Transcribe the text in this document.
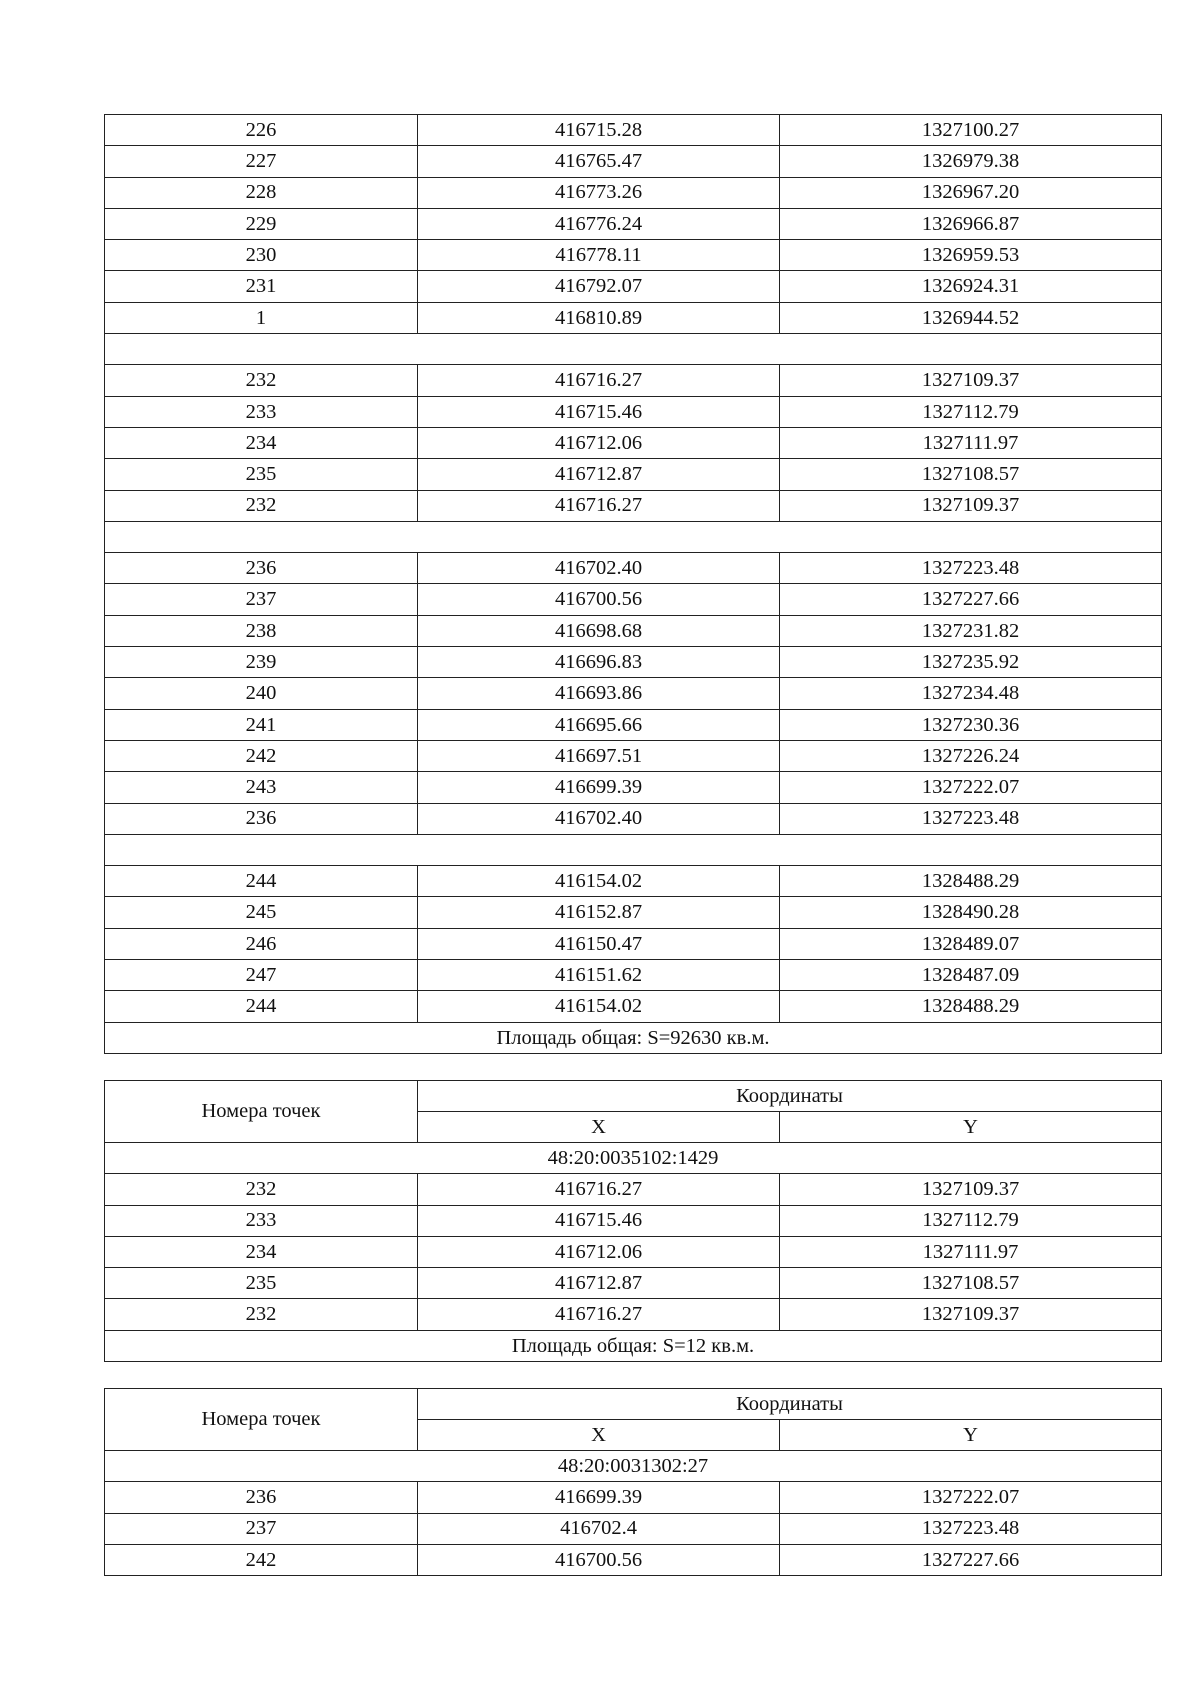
226	416715.28	1327100.27
227	416765.47	1326979.38
228	416773.26	1326967.20
229	416776.24	1326966.87
230	416778.11	1326959.53
231	416792.07	1326924.31
1	416810.89	1326944.52

232	416716.27	1327109.37
233	416715.46	1327112.79
234	416712.06	1327111.97
235	416712.87	1327108.57
232	416716.27	1327109.37

236	416702.40	1327223.48
237	416700.56	1327227.66
238	416698.68	1327231.82
239	416696.83	1327235.92
240	416693.86	1327234.48
241	416695.66	1327230.36
242	416697.51	1327226.24
243	416699.39	1327222.07
236	416702.40	1327223.48

244	416154.02	1328488.29
245	416152.87	1328490.28
246	416150.47	1328489.07
247	416151.62	1328487.09
244	416154.02	1328488.29
Площадь общая: S=92630 кв.м.		
Номера точек	Координаты	
	X	Y
48:20:0035102:1429		
232	416716.27	1327109.37
233	416715.46	1327112.79
234	416712.06	1327111.97
235	416712.87	1327108.57
232	416716.27	1327109.37
Площадь общая: S=12 кв.м.		
Номера точек	Координаты	
	X	Y
48:20:0031302:27		
236	416699.39	1327222.07
237	416702.4	1327223.48
242	416700.56	1327227.66
